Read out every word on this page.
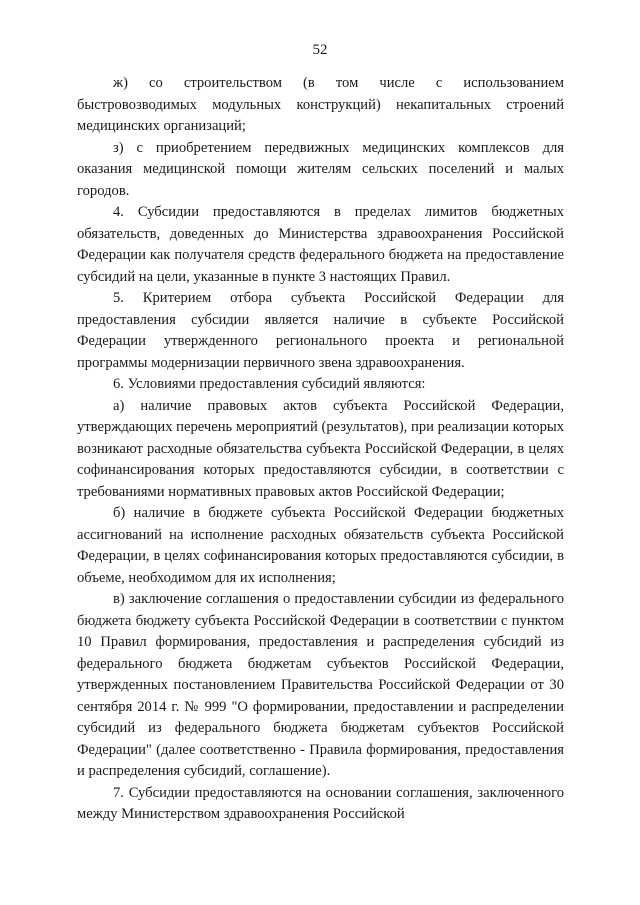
52

ж) со строительством (в том числе с использованием быстровозводимых модульных конструкций) некапитальных строений медицинских организаций;

з) с приобретением передвижных медицинских комплексов для оказания медицинской помощи жителям сельских поселений и малых городов.

4. Субсидии предоставляются в пределах лимитов бюджетных обязательств, доведенных до Министерства здравоохранения Российской Федерации как получателя средств федерального бюджета на предоставление субсидий на цели, указанные в пункте 3 настоящих Правил.

5. Критерием отбора субъекта Российской Федерации для предоставления субсидии является наличие в субъекте Российской Федерации утвержденного регионального проекта и региональной программы модернизации первичного звена здравоохранения.

6. Условиями предоставления субсидий являются:

а) наличие правовых актов субъекта Российской Федерации, утверждающих перечень мероприятий (результатов), при реализации которых возникают расходные обязательства субъекта Российской Федерации, в целях софинансирования которых предоставляются субсидии, в соответствии с требованиями нормативных правовых актов Российской Федерации;

б) наличие в бюджете субъекта Российской Федерации бюджетных ассигнований на исполнение расходных обязательств субъекта Российской Федерации, в целях софинансирования которых предоставляются субсидии, в объеме, необходимом для их исполнения;

в) заключение соглашения о предоставлении субсидии из федерального бюджета бюджету субъекта Российской Федерации в соответствии с пунктом 10 Правил формирования, предоставления и распределения субсидий из федерального бюджета бюджетам субъектов Российской Федерации, утвержденных постановлением Правительства Российской Федерации от 30 сентября 2014 г. № 999 "О формировании, предоставлении и распределении субсидий из федерального бюджета бюджетам субъектов Российской Федерации" (далее соответственно - Правила формирования, предоставления и распределения субсидий, соглашение).

7. Субсидии предоставляются на основании соглашения, заключенного между Министерством здравоохранения Российской
